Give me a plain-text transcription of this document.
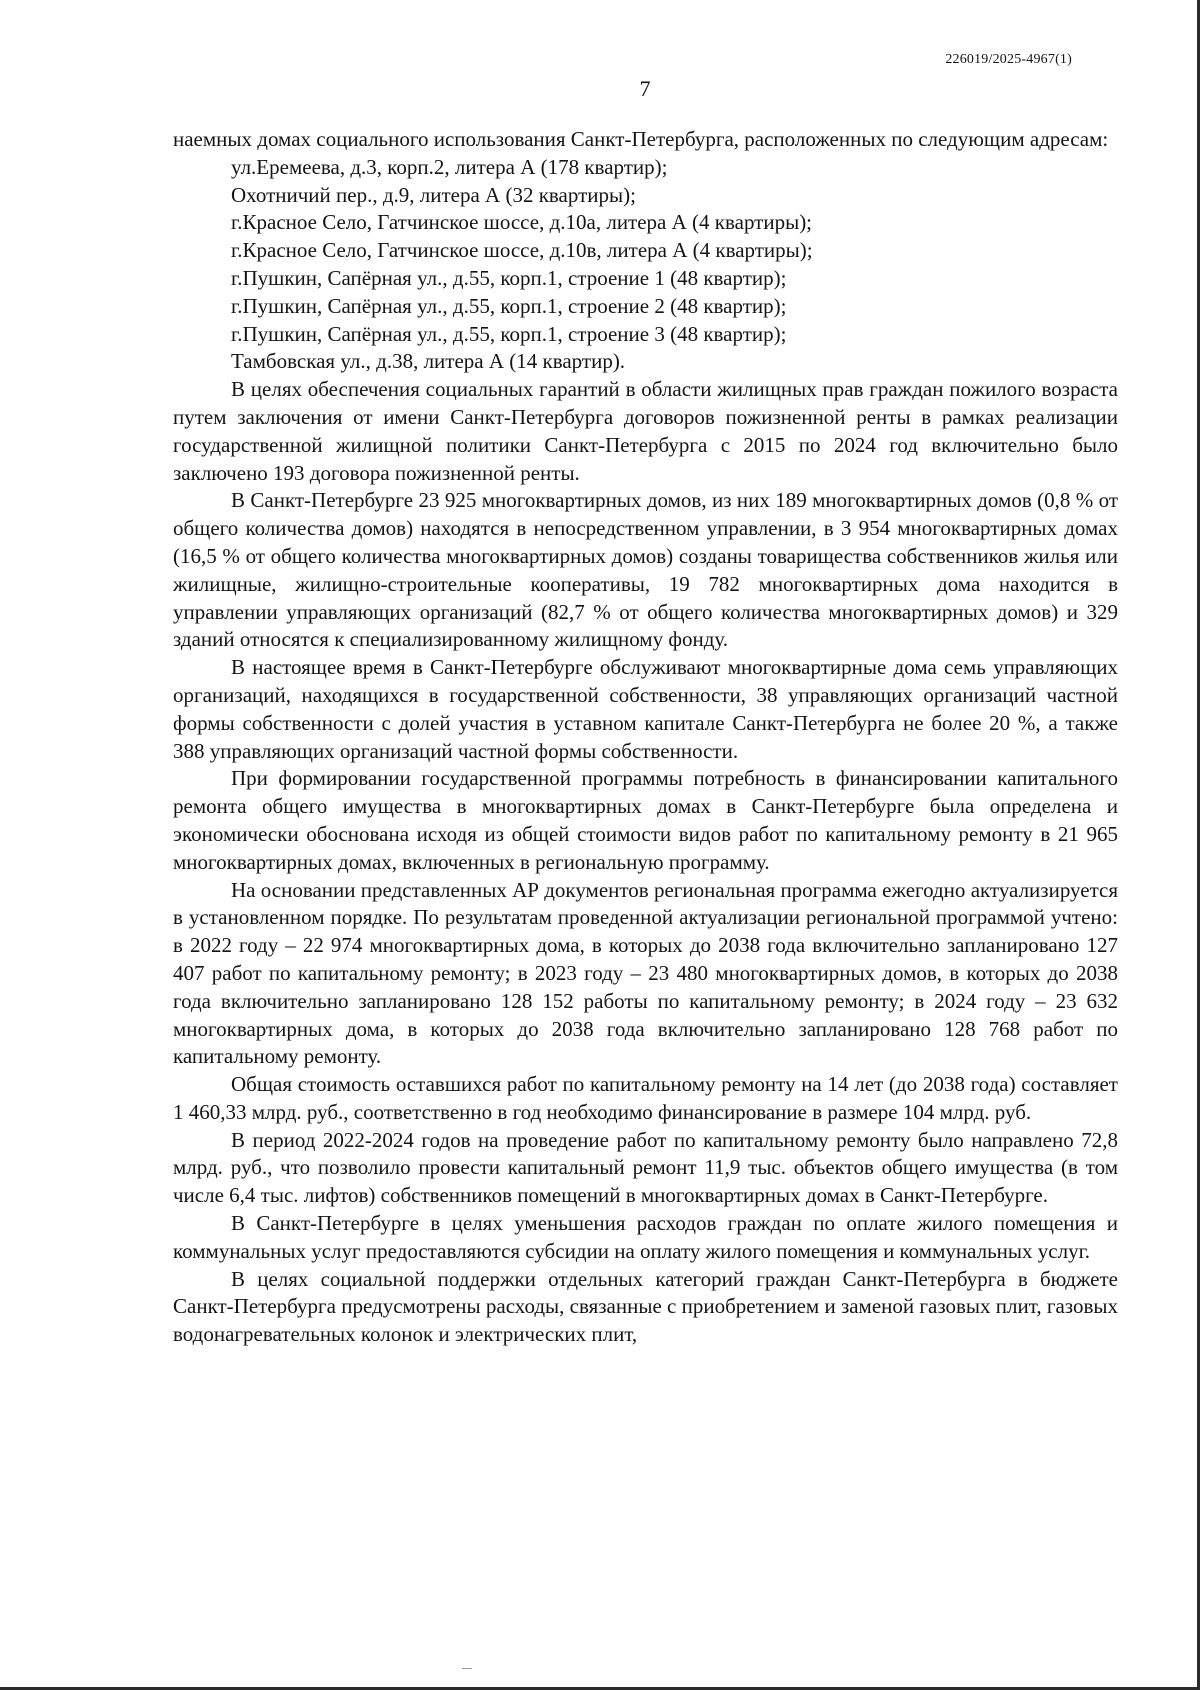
226019/2025-4967(1)
7

наемных домах социального использования Санкт-Петербурга, расположенных по следующим адресам:

ул.Еремеева, д.3, корп.2, литера А (178 квартир);
Охотничий пер., д.9, литера А (32 квартиры);
г.Красное Село, Гатчинское шоссе, д.10а, литера А (4 квартиры);
г.Красное Село, Гатчинское шоссе, д.10в, литера А (4 квартиры);
г.Пушкин, Сапёрная ул., д.55, корп.1, строение 1 (48 квартир);
г.Пушкин, Сапёрная ул., д.55, корп.1, строение 2 (48 квартир);
г.Пушкин, Сапёрная ул., д.55, корп.1, строение 3 (48 квартир);
Тамбовская ул., д.38, литера А (14 квартир).

В целях обеспечения социальных гарантий в области жилищных прав граждан пожилого возраста путем заключения от имени Санкт-Петербурга договоров пожизненной ренты в рамках реализации государственной жилищной политики Санкт-Петербурга с 2015 по 2024 год включительно было заключено 193 договора пожизненной ренты.

В Санкт-Петербурге 23 925 многоквартирных домов, из них 189 многоквартирных домов (0,8 % от общего количества домов) находятся в непосредственном управлении, в 3 954 многоквартирных домах (16,5 % от общего количества многоквартирных домов) созданы товарищества собственников жилья или жилищные, жилищно-строительные кооперативы, 19 782 многоквартирных дома находится в управлении управляющих организаций (82,7 % от общего количества многоквартирных домов) и 329 зданий относятся к специализированному жилищному фонду.

В настоящее время в Санкт-Петербурге обслуживают многоквартирные дома семь управляющих организаций, находящихся в государственной собственности, 38 управляющих организаций частной формы собственности с долей участия в уставном капитале Санкт-Петербурга не более 20 %, а также 388 управляющих организаций частной формы собственности.

При формировании государственной программы потребность в финансировании капитального ремонта общего имущества в многоквартирных домах в Санкт-Петербурге была определена и экономически обоснована исходя из общей стоимости видов работ по капитальному ремонту в 21 965 многоквартирных домах, включенных в региональную программу.

На основании представленных АР документов региональная программа ежегодно актуализируется в установленном порядке. По результатам проведенной актуализации региональной программой учтено: в 2022 году – 22 974 многоквартирных дома, в которых до 2038 года включительно запланировано 127 407 работ по капитальному ремонту; в 2023 году – 23 480 многоквартирных домов, в которых до 2038 года включительно запланировано 128 152 работы по капитальному ремонту; в 2024 году – 23 632 многоквартирных дома, в которых до 2038 года включительно запланировано 128 768 работ по капитальному ремонту.

Общая стоимость оставшихся работ по капитальному ремонту на 14 лет (до 2038 года) составляет 1 460,33 млрд. руб., соответственно в год необходимо финансирование в размере 104 млрд. руб.

В период 2022-2024 годов на проведение работ по капитальному ремонту было направлено 72,8 млрд. руб., что позволило провести капитальный ремонт 11,9 тыс. объектов общего имущества (в том числе 6,4 тыс. лифтов) собственников помещений в многоквартирных домах в Санкт-Петербурге.

В Санкт-Петербурге в целях уменьшения расходов граждан по оплате жилого помещения и коммунальных услуг предоставляются субсидии на оплату жилого помещения и коммунальных услуг.

В целях социальной поддержки отдельных категорий граждан Санкт-Петербурга в бюджете Санкт-Петербурга предусмотрены расходы, связанные с приобретением и заменой газовых плит, газовых водонагревательных колонок и электрических плит,
